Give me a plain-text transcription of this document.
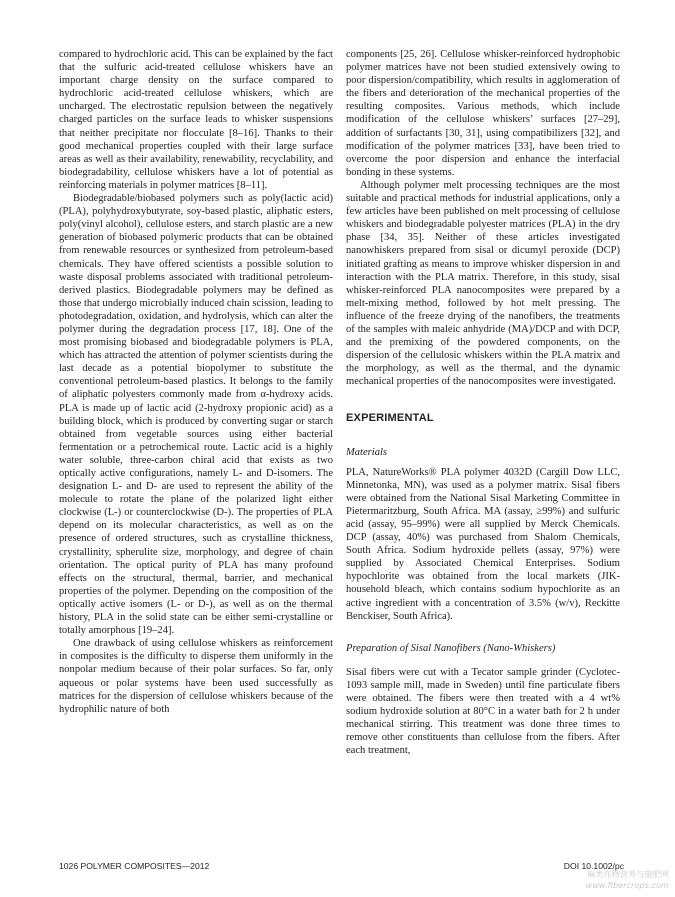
compared to hydrochloric acid. This can be explained by the fact that the sulfuric acid-treated cellulose whiskers have an important charge density on the surface compared to hydrochloric acid-treated cellulose whiskers, which are uncharged. The electrostatic repulsion between the negatively charged particles on the surface leads to whisker suspensions that neither precipitate nor flocculate [8–16]. Thanks to their good mechanical properties coupled with their large surface areas as well as their availability, renewability, recyclability, and biodegradability, cellulose whiskers have a lot of potential as reinforcing materials in polymer matrices [8–11].

Biodegradable/biobased polymers such as poly(lactic acid) (PLA), polyhydroxybutyrate, soy-based plastic, aliphatic esters, poly(vinyl alcohol), cellulose esters, and starch plastic are a new generation of biobased polymeric products that can be obtained from renewable resources or synthesized from petroleum-based chemicals. They have offered scientists a possible solution to waste disposal problems associated with traditional petroleum-derived plastics. Biodegradable polymers may be defined as those that undergo microbially induced chain scission, leading to photodegradation, oxidation, and hydrolysis, which can alter the polymer during the degradation process [17, 18]. One of the most promising biobased and biodegradable polymers is PLA, which has attracted the attention of polymer scientists during the last decade as a potential biopolymer to substitute the conventional petroleum-based plastics. It belongs to the family of aliphatic polyesters commonly made from α-hydroxy acids. PLA is made up of lactic acid (2-hydroxy propionic acid) as a building block, which is produced by converting sugar or starch obtained from vegetable sources using either bacterial fermentation or a petrochemical route. Lactic acid is a highly water soluble, three-carbon chiral acid that exists as two optically active configurations, namely L- and D-isomers. The designation L- and D- are used to represent the ability of the molecule to rotate the plane of the polarized light either clockwise (L-) or counterclockwise (D-). The properties of PLA depend on its molecular characteristics, as well as on the presence of ordered structures, such as crystalline thickness, crystallinity, spherulite size, morphology, and degree of chain orientation. The optical purity of PLA has many profound effects on the structural, thermal, barrier, and mechanical properties of the polymer. Depending on the composition of the optically active isomers (L- or D-), as well as on the thermal history, PLA in the solid state can be either semi-crystalline or totally amorphous [19–24].

One drawback of using cellulose whiskers as reinforcement in composites is the difficulty to disperse them uniformly in the nonpolar medium because of their polar surfaces. So far, only aqueous or polar systems have been used successfully as matrices for the dispersion of cellulose whiskers because of the hydrophilic nature of both

components [25, 26]. Cellulose whisker-reinforced hydrophobic polymer matrices have not been studied extensively owing to poor dispersion/compatibility, which results in agglomeration of the fibers and deterioration of the mechanical properties of the resulting composites. Various methods, which include modification of the cellulose whiskers’ surfaces [27–29], addition of surfactants [30, 31], using compatibilizers [32], and modification of the polymer matrices [33], have been tried to overcome the poor dispersion and enhance the interfacial bonding in these systems.

Although polymer melt processing techniques are the most suitable and practical methods for industrial applications, only a few articles have been published on melt processing of cellulose whiskers and biodegradable polyester matrices (PLA) in the dry phase [34, 35]. Neither of these articles investigated nanowhiskers prepared from sisal or dicumyl peroxide (DCP) initiated grafting as means to improve whisker dispersion in and interaction with the PLA matrix. Therefore, in this study, sisal whisker-reinforced PLA nanocomposites were prepared by a melt-mixing method, followed by hot melt pressing. The influence of the freeze drying of the nanofibers, the treatments of the samples with maleic anhydride (MA)/DCP and with DCP, and the premixing of the powdered components, on the dispersion of the cellulosic whiskers within the PLA matrix and the morphology, as well as the thermal, and the dynamic mechanical properties of the nanocomposites were investigated.

EXPERIMENTAL
Materials

PLA, NatureWorks® PLA polymer 4032D (Cargill Dow LLC, Minnetonka, MN), was used as a polymer matrix. Sisal fibers were obtained from the National Sisal Marketing Committee in Pietermaritzburg, South Africa. MA (assay, ≥99%) and sulfuric acid (assay, 95–99%) were all supplied by Merck Chemicals. DCP (assay, 40%) was purchased from Shalom Chemicals, South Africa. Sodium hydroxide pellets (assay, 97%) were supplied by Associated Chemical Enterprises. Sodium hypochlorite was obtained from the local markets (JIK-household bleach, which contains sodium hypochlorite as an active ingredient with a concentration of 3.5% (w/v), Reckitte Benckiser, South Africa).

Preparation of Sisal Nanofibers (Nano-Whiskers)

Sisal fibers were cut with a Tecator sample grinder (Cyclotec-1093 sample mill, made in Sweden) until fine particulate fibers were obtained. The fibers were then treated with a 4 wt% sodium hydroxide solution at 80°C in a water bath for 2 h under mechanical stirring. This treatment was done three times to remove other constituents than cellulose from the fibers. After each treatment,

1026 POLYMER COMPOSITES—2012	DOI 10.1002/pc
麻类作物营养与施肥网
www.fibercrops.com
